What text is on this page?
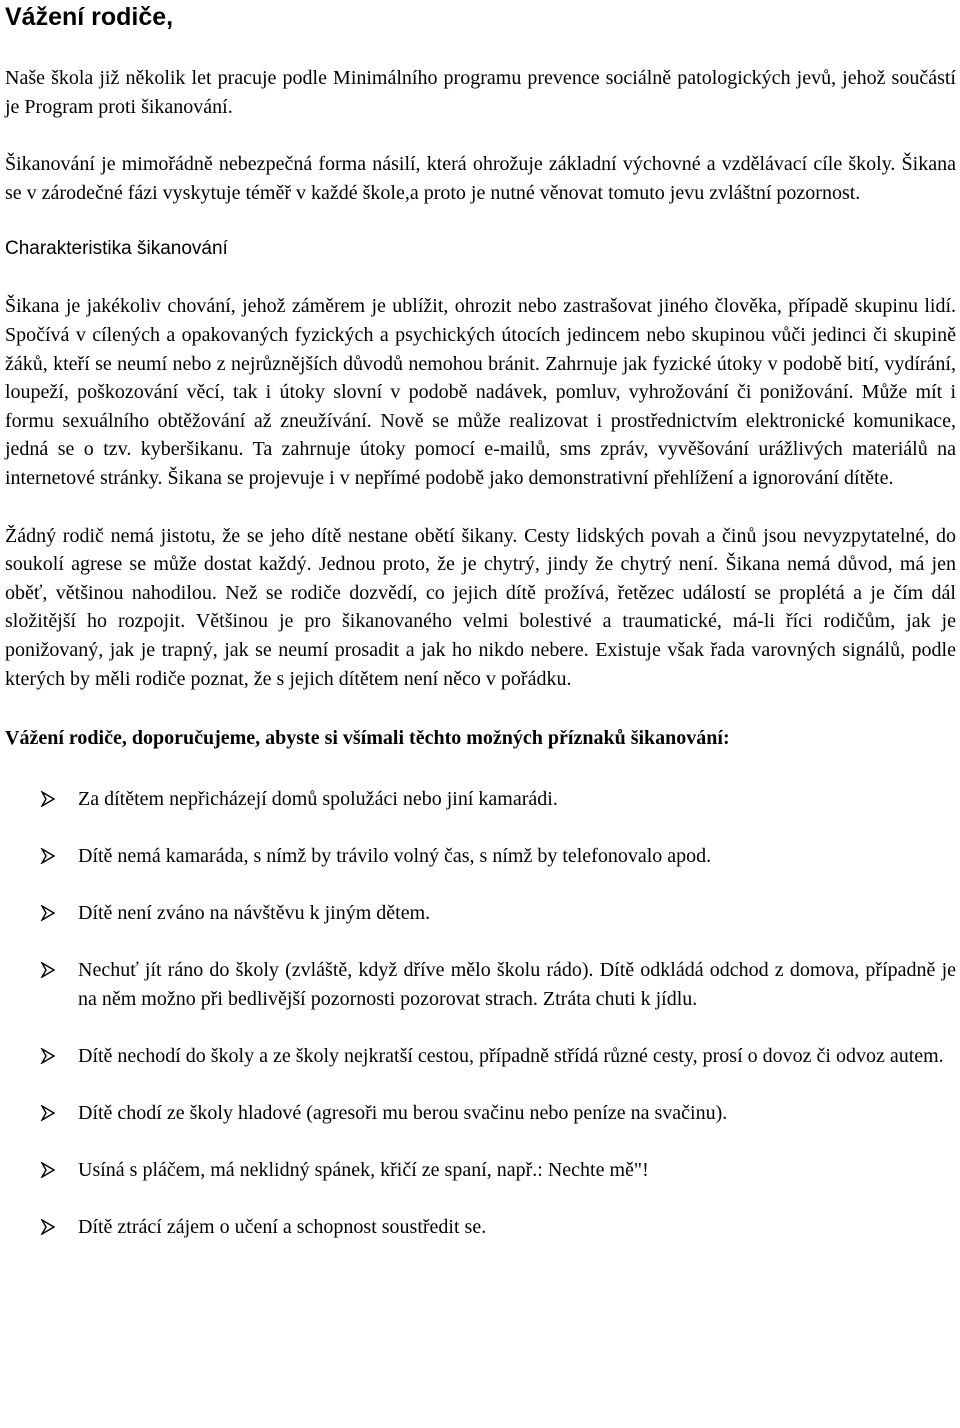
Vážení rodiče,

Naše škola již několik let pracuje podle Minimálního programu prevence sociálně patologických jevů, jehož součástí je Program proti šikanování.

Šikanování je mimořádně nebezpečná forma násilí, která ohrožuje základní výchovné a vzdělávací cíle školy. Šikana se v zárodečné fázi vyskytuje téměř v každé škole,a proto je nutné věnovat tomuto jevu zvláštní pozornost.

Charakteristika šikanování

Šikana je jakékoliv chování, jehož záměrem je ublížit, ohrozit nebo zastrašovat jiného člověka, případě skupinu lidí. Spočívá v cílených a opakovaných fyzických a psychických útocích jedincem nebo skupinou vůči jedinci či skupině žáků, kteří se neumí nebo z nejrůznějších důvodů nemohou bránit. Zahrnuje jak fyzické útoky v podobě bití, vydírání, loupeží, poškozování věcí, tak i útoky slovní v podobě nadávek, pomluv, vyhrožování či ponižování. Může mít i formu sexuálního obtěžování až zneužívání. Nově se může realizovat i prostřednictvím elektronické komunikace, jedná se o tzv. kyberšikanu. Ta zahrnuje útoky pomocí e-mailů, sms zpráv, vyvěšování urážlivých materiálů na internetové stránky. Šikana se projevuje i v nepřímé podobě jako demonstrativní přehlížení a ignorování dítěte.

Žádný rodič nemá jistotu, že se jeho dítě nestane obětí šikany. Cesty lidských povah a činů jsou nevyzpytatelné, do soukolí agrese se může dostat každý. Jednou proto, že je chytrý, jindy že chytrý není. Šikana nemá důvod, má jen oběť, většinou nahodilou. Než se rodiče dozvědí, co jejich dítě prožívá, řetězec událostí se proplétá a je čím dál složitější ho rozpojit. Většinou je pro šikanovaného velmi bolestivé a traumatické, má-li říci rodičům, jak je ponižovaný, jak je trapný, jak se neumí prosadit a jak ho nikdo nebere. Existuje však řada varovných signálů, podle kterých by měli rodiče poznat, že s jejich dítětem není něco v pořádku.

Vážení rodiče, doporučujeme, abyste si všímali těchto možných příznaků šikanování:

Za dítětem nepřicházejí domů spolužáci nebo jiní kamarádi.
Dítě nemá kamaráda, s nímž by trávilo volný čas, s nímž by telefonovalo apod.
Dítě není zváno na návštěvu k jiným dětem.
Nechuť jít ráno do školy (zvláště, když dříve mělo školu rádo). Dítě odkládá odchod z domova, případně je na něm možno při bedlivější pozornosti pozorovat strach. Ztráta chuti k jídlu.
Dítě nechodí do školy a ze školy nejkratší cestou, případně střídá různé cesty, prosí o dovoz či odvoz autem.
Dítě chodí ze školy hladové (agresoři mu berou svačinu nebo peníze na svačinu).
Usíná s pláčem, má neklidný spánek, křičí ze spaní, např.: Nechte mě"!
Dítě ztrácí zájem o učení a schopnost soustředit se.
